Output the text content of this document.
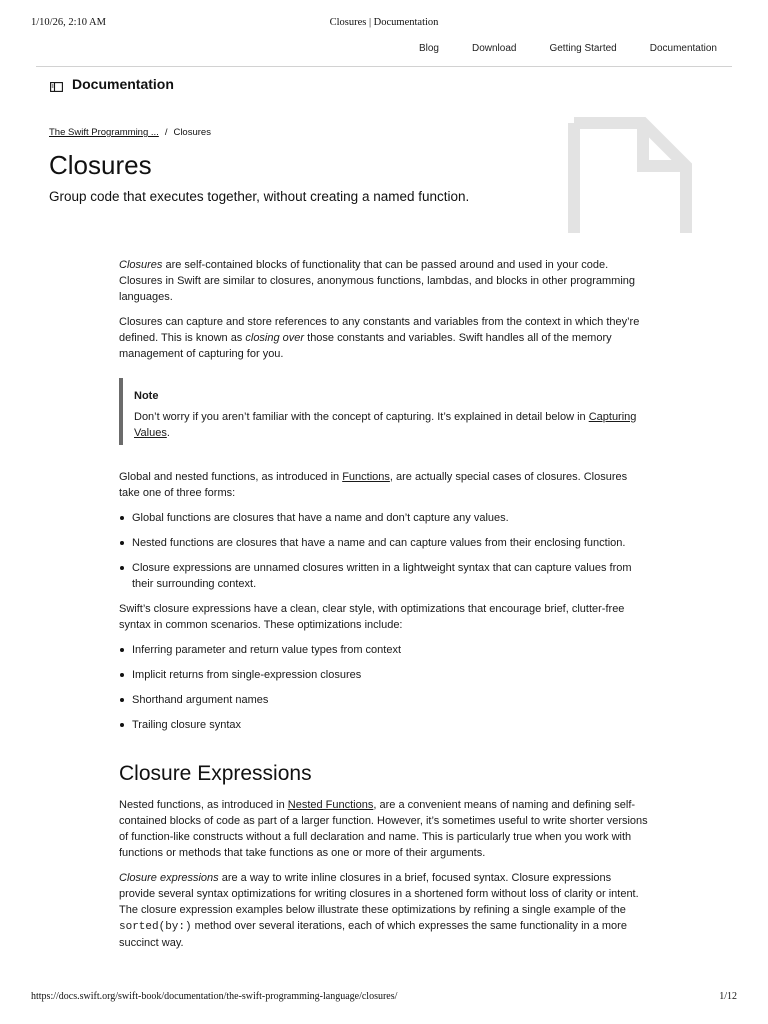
1/10/26, 2:10 AM	Closures | Documentation
Blog	Download	Getting Started	Documentation
Documentation
The Swift Programming ... / Closures
Closures
Group code that executes together, without creating a named function.

Closures are self-contained blocks of functionality that can be passed around and used in your code. Closures in Swift are similar to closures, anonymous functions, lambdas, and blocks in other programming languages.

Closures can capture and store references to any constants and variables from the context in which they’re defined. This is known as closing over those constants and variables. Swift handles all of the memory management of capturing for you.

Note
Don’t worry if you aren’t familiar with the concept of capturing. It’s explained in detail below in Capturing Values.

Global and nested functions, as introduced in Functions, are actually special cases of closures. Closures take one of three forms:

Global functions are closures that have a name and don’t capture any values.
Nested functions are closures that have a name and can capture values from their enclosing function.
Closure expressions are unnamed closures written in a lightweight syntax that can capture values from their surrounding context.

Swift’s closure expressions have a clean, clear style, with optimizations that encourage brief, clutter-free syntax in common scenarios. These optimizations include:

Inferring parameter and return value types from context
Implicit returns from single-expression closures
Shorthand argument names
Trailing closure syntax
Closure Expressions

Nested functions, as introduced in Nested Functions, are a convenient means of naming and defining self-contained blocks of code as part of a larger function. However, it’s sometimes useful to write shorter versions of function-like constructs without a full declaration and name. This is particularly true when you work with functions or methods that take functions as one or more of their arguments.

Closure expressions are a way to write inline closures in a brief, focused syntax. Closure expressions provide several syntax optimizations for writing closures in a shortened form without loss of clarity or intent. The closure expression examples below illustrate these optimizations by refining a single example of the sorted(by:) method over several iterations, each of which expresses the same functionality in a more succinct way.

https://docs.swift.org/swift-book/documentation/the-swift-programming-language/closures/	1/12
